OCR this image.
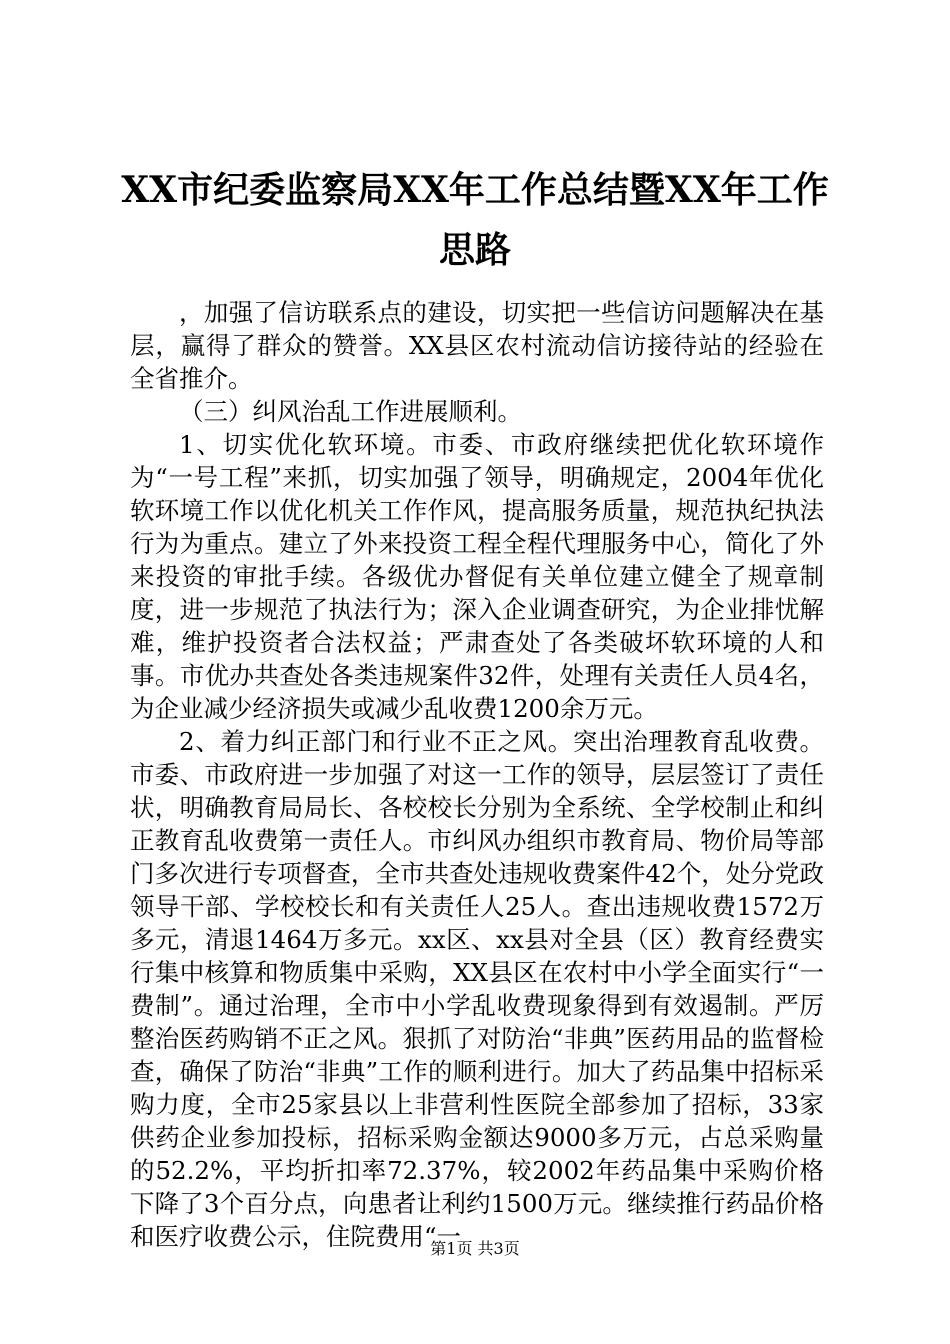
XX市纪委监察局XX年工作总结暨XX年工作思路

，加强了信访联系点的建设，切实把一些信访问题解决在基层，赢得了群众的赞誉。XX县区农村流动信访接待站的经验在全省推介。

（三）纠风治乱工作进展顺利。

1、切实优化软环境。市委、市政府继续把优化软环境作为“一号工程”来抓，切实加强了领导，明确规定，2004年优化软环境工作以优化机关工作作风，提高服务质量，规范执纪执法行为为重点。建立了外来投资工程全程代理服务中心，简化了外来投资的审批手续。各级优办督促有关单位建立健全了规章制度，进一步规范了执法行为；深入企业调查研究，为企业排忧解难，维护投资者合法权益；严肃查处了各类破坏软环境的人和事。市优办共查处各类违规案件32件，处理有关责任人员4名，为企业减少经济损失或减少乱收费1200余万元。

2、着力纠正部门和行业不正之风。突出治理教育乱收费。市委、市政府进一步加强了对这一工作的领导，层层签订了责任状，明确教育局局长、各校校长分别为全系统、全学校制止和纠正教育乱收费第一责任人。市纠风办组织市教育局、物价局等部门多次进行专项督查，全市共查处违规收费案件42个，处分党政领导干部、学校校长和有关责任人25人。查出违规收费1572万多元，清退1464万多元。xx区、xx县对全县（区）教育经费实行集中核算和物质集中采购，XX县区在农村中小学全面实行“一费制”。通过治理，全市中小学乱收费现象得到有效遏制。严厉整治医药购销不正之风。狠抓了对防治“非典”医药用品的监督检查，确保了防治“非典”工作的顺利进行。加大了药品集中招标采购力度，全市25家县以上非营利性医院全部参加了招标，33家供药企业参加投标，招标采购金额达9000多万元，占总采购量的52.2%，平均折扣率72.37%，较2002年药品集中采购价格下降了3个百分点，向患者让利约1500万元。继续推行药品价格和医疗收费公示，住院费用“一

第1页 共3页
